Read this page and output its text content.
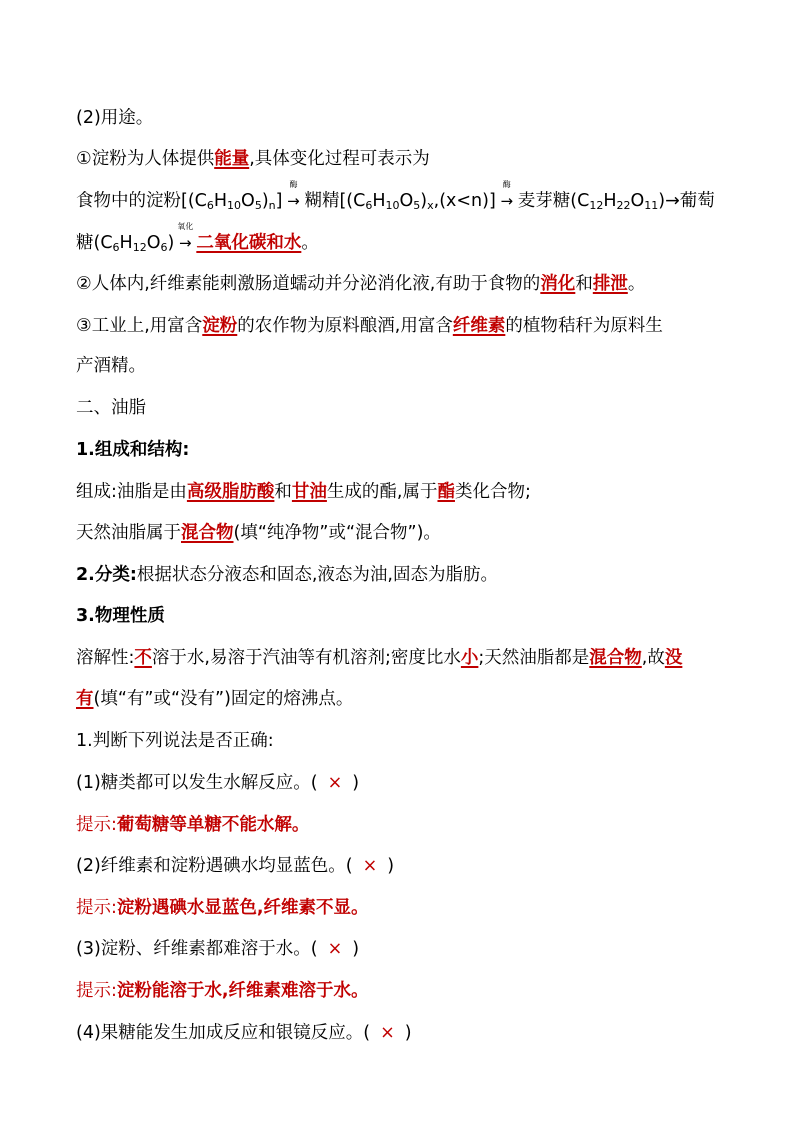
(2)用途。
①淀粉为人体提供能量,具体变化过程可表示为
食物中的淀粉$[(C_6H_{10}O_5)_n]$
酶
→ 糊精$[(C_6H_{10}O_5)_x,(x<n)]$
酶
→ 麦芽糖$(C_{12}H_{22}O_{11})\to$葡萄
糖$(C_6H_{12}O_6)$
氧化
→ 二氧化碳和水。
②人体内,纤维素能刺激肠道蠕动并分泌消化液,有助于食物的消化和排泄。
③工业上,用富含淀粉的农作物为原料酿酒,用富含纤维素的植物秸秆为原料生
产酒精。
二、油脂
1.组成和结构:
组成:油脂是由高级脂肪酸和甘油生成的酯,属于酯类化合物;
天然油脂属于混合物(填“纯净物”或“混合物”)。
2.分类:根据状态分液态和固态,液态为油,固态为脂肪。
3.物理性质
溶解性:不溶于水,易溶于汽油等有机溶剂;密度比水小;天然油脂都是混合物,故没
有(填“有”或“没有”)固定的熔沸点。
1.判断下列说法是否正确:
(1)糖类都可以发生水解反应。( × )
提示:葡萄糖等单糖不能水解。
(2)纤维素和淀粉遇碘水均显蓝色。( × )
提示:淀粉遇碘水显蓝色,纤维素不显。
(3)淀粉、纤维素都难溶于水。( × )
提示:淀粉能溶于水,纤维素难溶于水。
(4)果糖能发生加成反应和银镜反应。( × )
